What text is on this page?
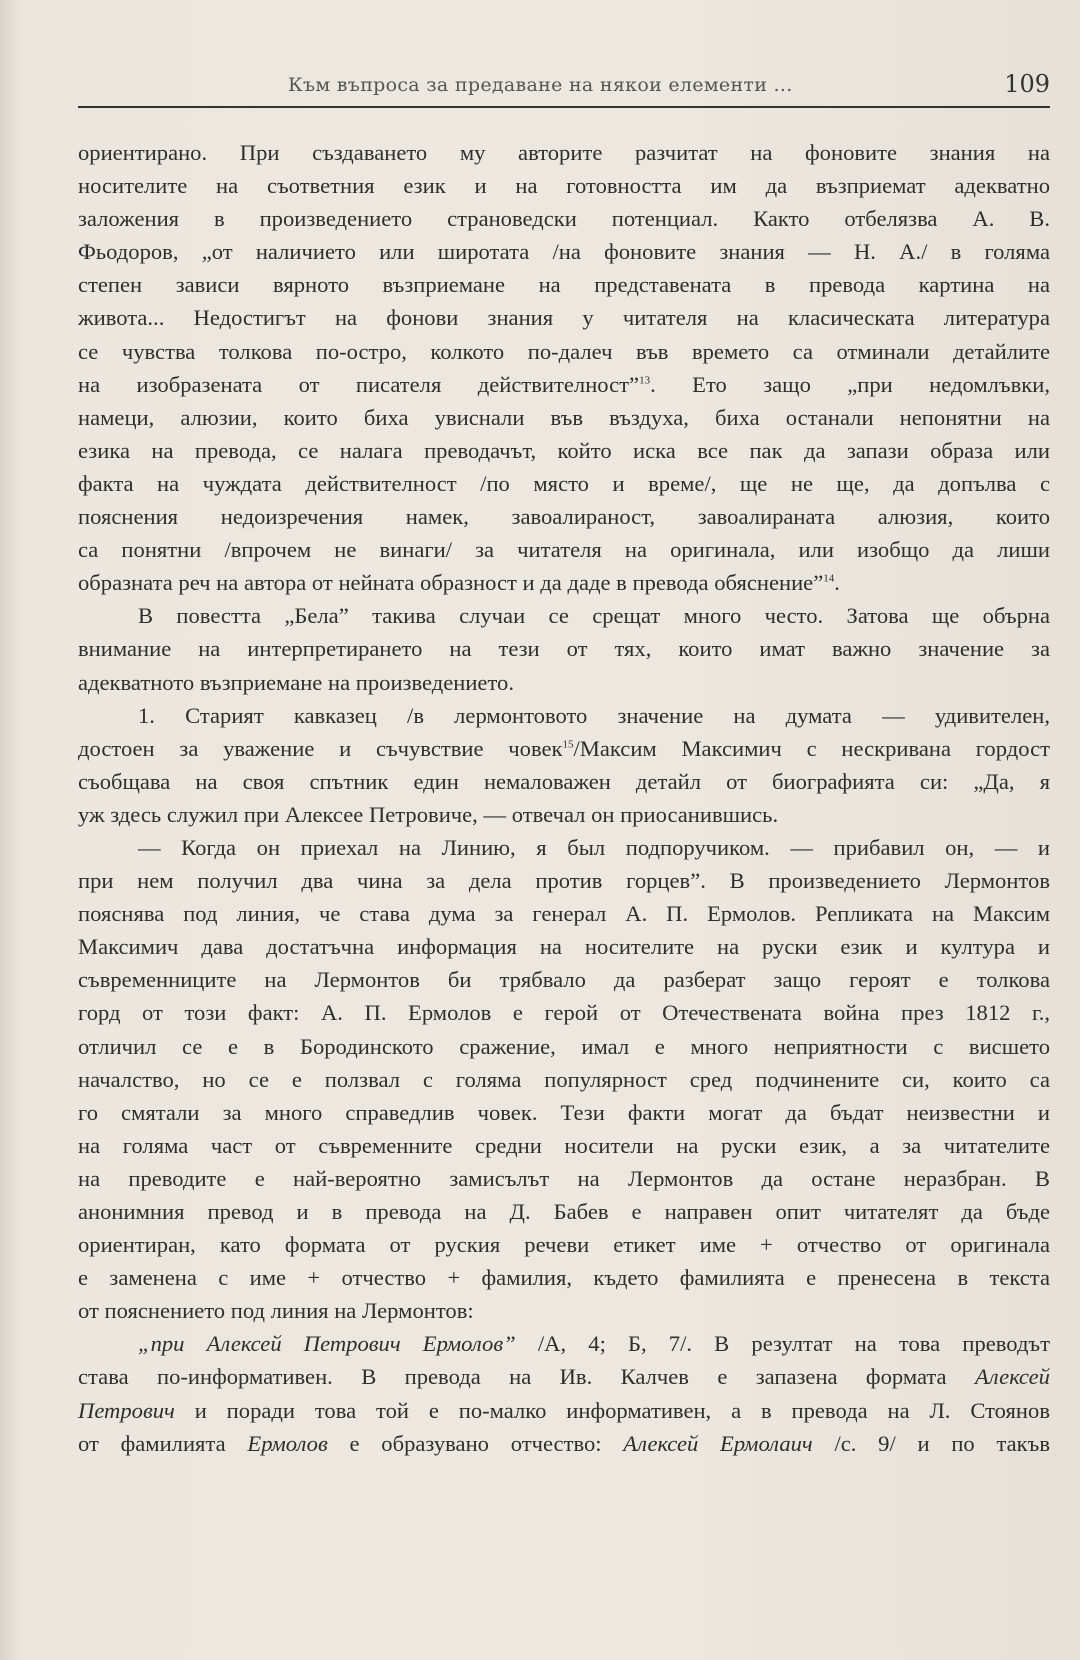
Към въпроса за предаване на някои елементи ...	109

ориентирано. При създаването му авторите разчитат на фоновите знания на
носителите на съответния език и на готовността им да възприемат адекватно
заложения в произведението страноведски потенциал. Както отбелязва А. В.
Фьодоров, „от наличието или широтата /на фоновите знания — Н. А./ в голяма
степен зависи вярното възприемане на представената в превода картина на
живота... Недостигът на фонови знания у читателя на класическата литература
се чувства толкова по-остро, колкото по-далеч във времето са отминали детайлите
на изобразената от писателя действителност”$^{13}$. Ето защо „при недомлъвки,
намеци, алюзии, които биха увиснали във въздуха, биха останали непонятни на
езика на превода, се налага преводачът, който иска все пак да запази образа или
факта на чуждата действителност /по място и време/, ще не ще, да допълва с
пояснения недоизречения намек, завоалираност, завоалираната алюзия, които
са понятни /впрочем не винаги/ за читателя на оригинала, или изобщо да лиши
образната реч на автора от нейната образност и да даде в превода обяснение”$^{14}$.

В повестта „Бела” такива случаи се срещат много често. Затова ще обърна
внимание на интерпретирането на тези от тях, които имат важно значение за
адекватното възприемане на произведението.

1. Старият кавказец /в лермонтовото значение на думата — удивителен,
достоен за уважение и съчувствие човек$^{15}$/Максим Максимич с нескривана гордост
съобщава на своя спътник един немаловажен детайл от биографията си: „Да, я
уж здесь служил при Алексее Петровиче, — отвечал он приосанившись.

— Когда он приехал на Линию, я был подпоручиком. — прибавил он, — и
при нем получил два чина за дела против горцев”. В произведението Лермонтов
пояснява под линия, че става дума за генерал А. П. Ермолов. Репликата на Максим
Максимич дава достатъчна информация на носителите на руски език и култура и
съвременниците на Лермонтов би трябвало да разберат защо героят е толкова
горд от този факт: А. П. Ермолов е герой от Отечествената война през 1812 г.,
отличил се е в Бородинското сражение, имал е много неприятности с висшето
началство, но се е ползвал с голяма популярност сред подчинените си, които са
го смятали за много справедлив човек. Тези факти могат да бъдат неизвестни и
на голяма част от съвременните средни носители на руски език, а за читателите
на преводите е най-вероятно замисълът на Лермонтов да остане неразбран. В
анонимния превод и в превода на Д. Бабев е направен опит читателят да бъде
ориентиран, като формата от руския речеви етикет име + отчество от оригинала
е заменена с име + отчество + фамилия, където фамилията е пренесена в текста
от пояснението под линия на Лермонтов:

„при Алексей Петрович Ермолов” /А, 4; Б, 7/. В резултат на това преводът
става по-информативен. В превода на Ив. Калчев е запазена формата Алексей
Петрович и поради това той е по-малко информативен, а в превода на Л. Стоянов
от фамилията Ермолов е образувано отчество: Алексей Ермолаич /с. 9/ и по такъв
